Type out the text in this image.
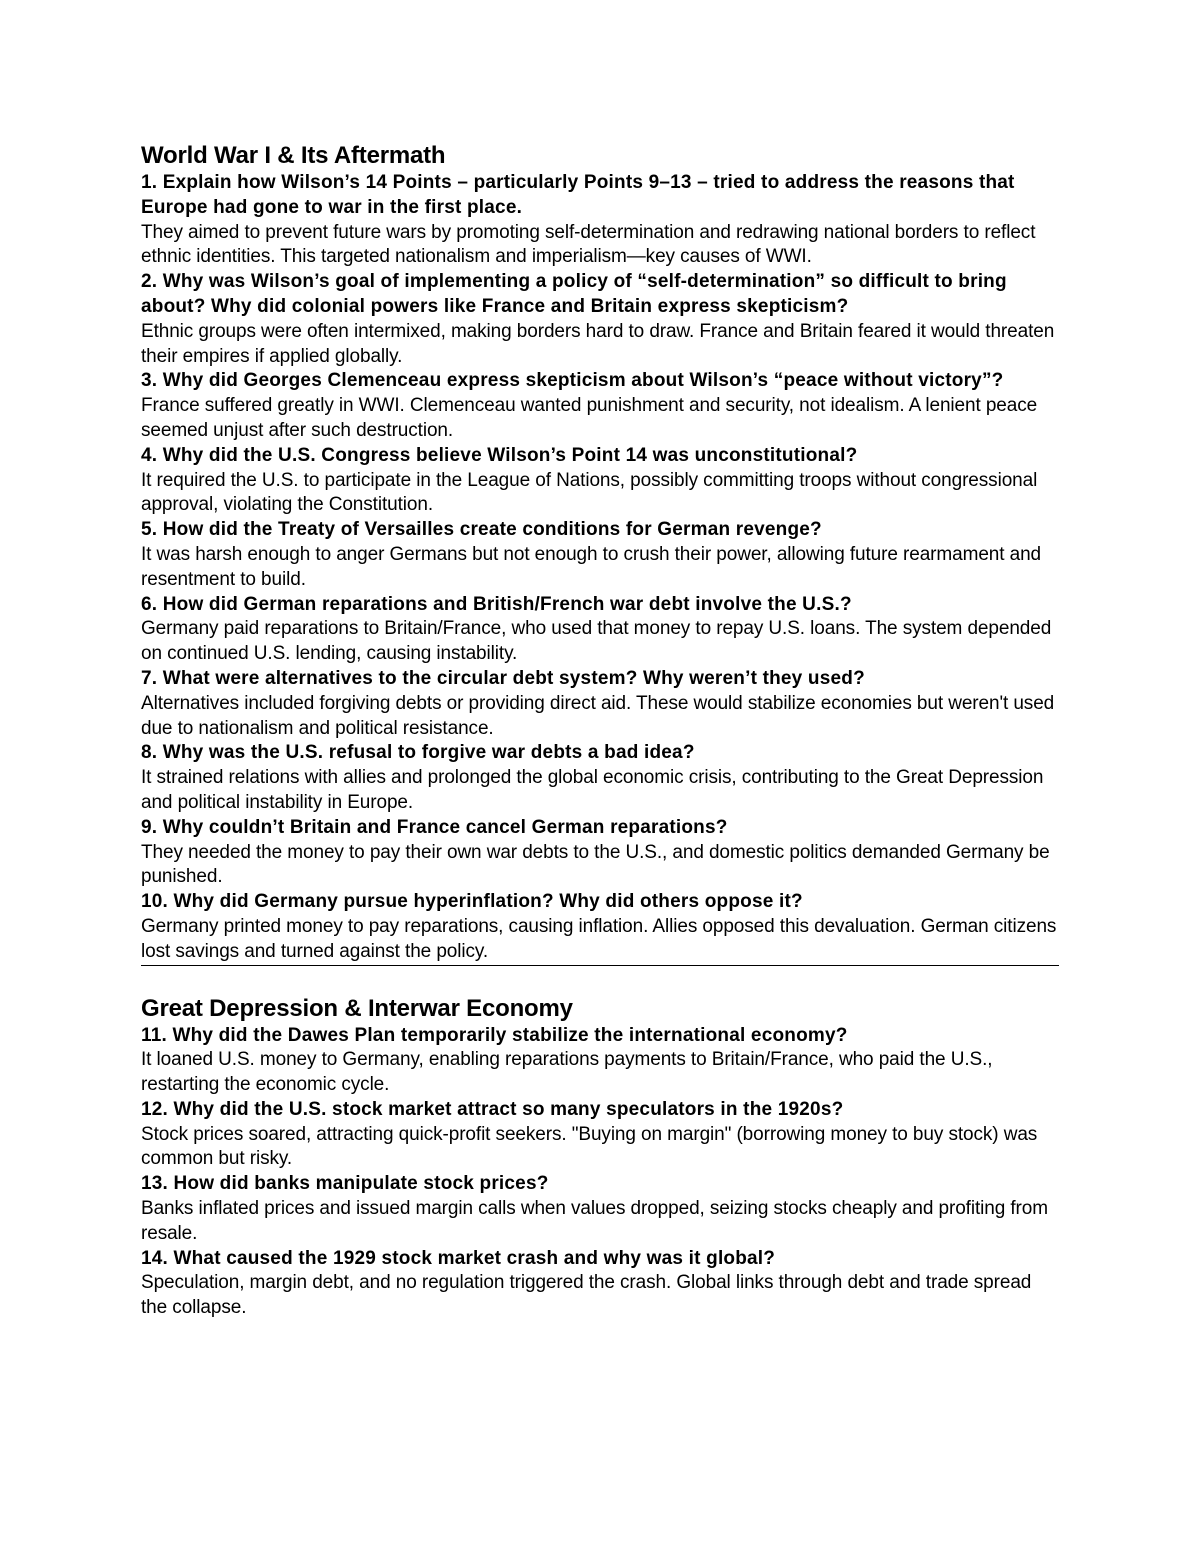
World War I & Its Aftermath

1. Explain how Wilson’s 14 Points – particularly Points 9–13 – tried to address the reasons that Europe had gone to war in the first place.

They aimed to prevent future wars by promoting self-determination and redrawing national borders to reflect ethnic identities. This targeted nationalism and imperialism—key causes of WWI.

2. Why was Wilson’s goal of implementing a policy of “self-determination” so difficult to bring about? Why did colonial powers like France and Britain express skepticism?

Ethnic groups were often intermixed, making borders hard to draw. France and Britain feared it would threaten their empires if applied globally.

3. Why did Georges Clemenceau express skepticism about Wilson’s “peace without victory”?

France suffered greatly in WWI. Clemenceau wanted punishment and security, not idealism. A lenient peace seemed unjust after such destruction.

4. Why did the U.S. Congress believe Wilson’s Point 14 was unconstitutional?

It required the U.S. to participate in the League of Nations, possibly committing troops without congressional approval, violating the Constitution.

5. How did the Treaty of Versailles create conditions for German revenge?

It was harsh enough to anger Germans but not enough to crush their power, allowing future rearmament and resentment to build.

6. How did German reparations and British/French war debt involve the U.S.?

Germany paid reparations to Britain/France, who used that money to repay U.S. loans. The system depended on continued U.S. lending, causing instability.

7. What were alternatives to the circular debt system? Why weren’t they used?

Alternatives included forgiving debts or providing direct aid. These would stabilize economies but weren't used due to nationalism and political resistance.

8. Why was the U.S. refusal to forgive war debts a bad idea?

It strained relations with allies and prolonged the global economic crisis, contributing to the Great Depression and political instability in Europe.

9. Why couldn’t Britain and France cancel German reparations?

They needed the money to pay their own war debts to the U.S., and domestic politics demanded Germany be punished.

10. Why did Germany pursue hyperinflation? Why did others oppose it?

Germany printed money to pay reparations, causing inflation. Allies opposed this devaluation. German citizens lost savings and turned against the policy.

Great Depression & Interwar Economy

11. Why did the Dawes Plan temporarily stabilize the international economy?

It loaned U.S. money to Germany, enabling reparations payments to Britain/France, who paid the U.S., restarting the economic cycle.

12. Why did the U.S. stock market attract so many speculators in the 1920s?

Stock prices soared, attracting quick-profit seekers. "Buying on margin" (borrowing money to buy stock) was common but risky.

13. How did banks manipulate stock prices?

Banks inflated prices and issued margin calls when values dropped, seizing stocks cheaply and profiting from resale.

14. What caused the 1929 stock market crash and why was it global?

Speculation, margin debt, and no regulation triggered the crash. Global links through debt and trade spread the collapse.
